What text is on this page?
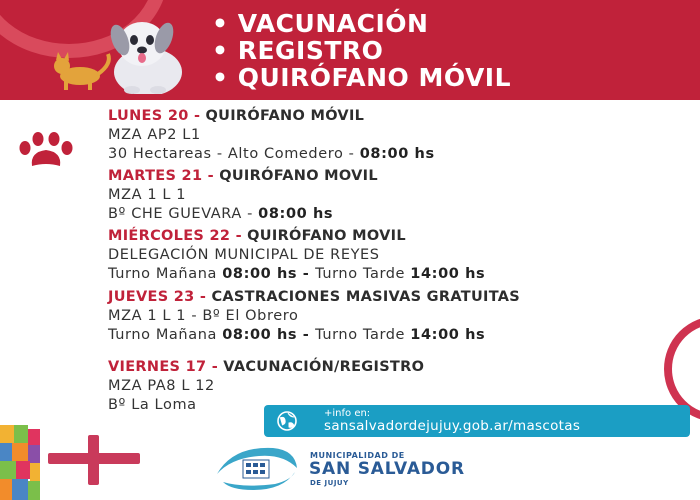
• VACUNACIÓN
• REGISTRO
• QUIRÓFANO MÓVIL
LUNES 20 - QUIRÓFANO MÓVIL
MZA AP2 L1
30 Hectareas - Alto Comedero - 08:00 hs
MARTES 21 - QUIRÓFANO MOVIL
MZA 1 L 1
Bº CHE GUEVARA - 08:00 hs
MIÉRCOLES 22 - QUIRÓFANO MOVIL
DELEGACIÓN MUNICIPAL DE REYES
Turno Mañana 08:00 hs - Turno Tarde 14:00 hs
JUEVES 23 - CASTRACIONES MASIVAS GRATUITAS
MZA 1 L 1 - Bº El Obrero
Turno Mañana 08:00 hs - Turno Tarde 14:00 hs
VIERNES 17 - VACUNACIÓN/REGISTRO
MZA PA8 L 12
Bº La Loma
+info en:
sansalvadordejujuy.gob.ar/mascotas
MUNICIPALIDAD DE
SAN SALVADOR
DE JUJUY
